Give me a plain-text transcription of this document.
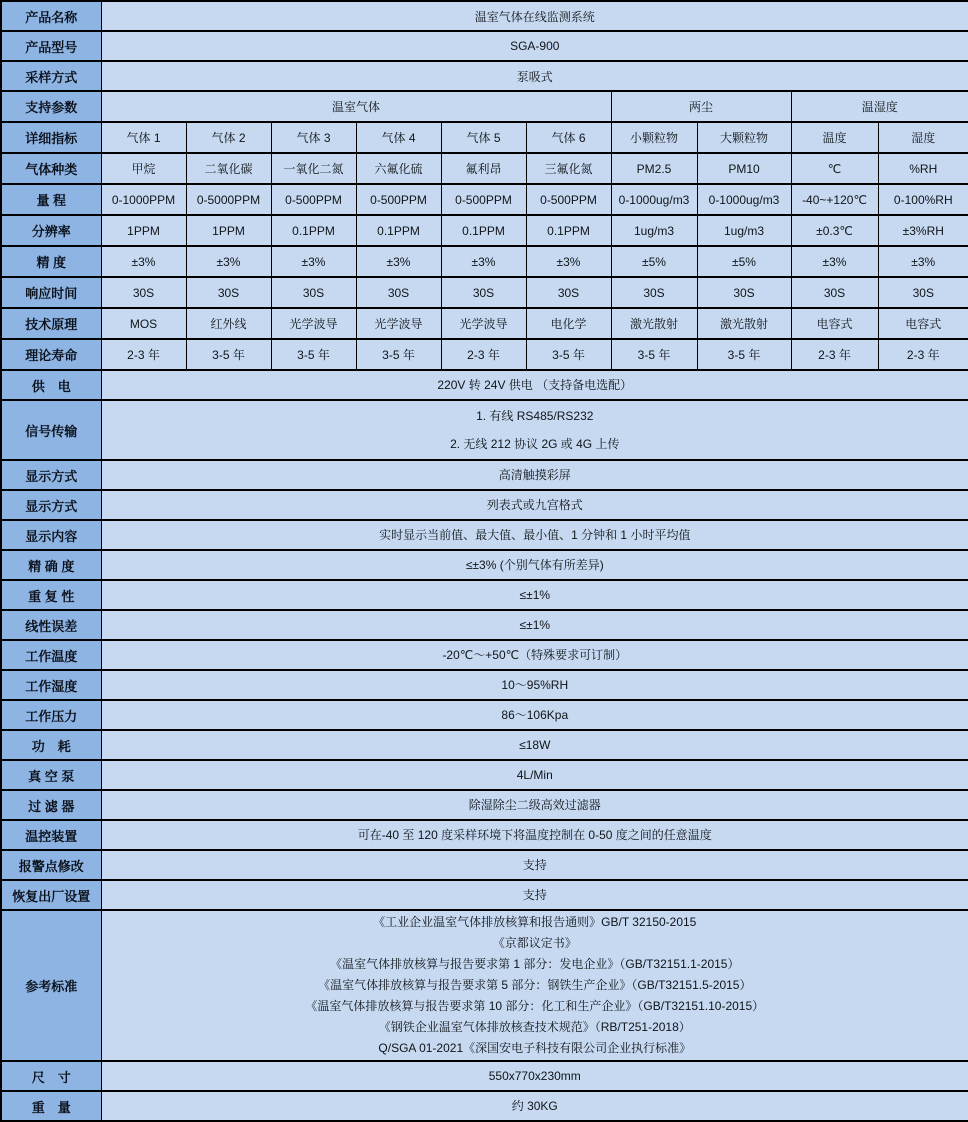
产品名称	温室气体在线监测系统									
产品型号	SGA-900									
采样方式	泵吸式									
支持参数	温室气体						两尘		温湿度	
详细指标	气体 1	气体 2	气体 3	气体 4	气体 5	气体 6	小颗粒物	大颗粒物	温度	湿度
气体种类	甲烷	二氧化碳	一氧化二氮	六氟化硫	氟利昂	三氟化氮	PM2.5	PM10	℃	%RH
量 程	0-1000PPM	0-5000PPM	0-500PPM	0-500PPM	0-500PPM	0-500PPM	0-1000ug/m3	0-1000ug/m3	-40~+120℃	0-100%RH
分辨率	1PPM	1PPM	0.1PPM	0.1PPM	0.1PPM	0.1PPM	1ug/m3	1ug/m3	±0.3℃	±3%RH
精 度	±3%	±3%	±3%	±3%	±3%	±3%	±5%	±5%	±3%	±3%
响应时间	30S	30S	30S	30S	30S	30S	30S	30S	30S	30S
技术原理	MOS	红外线	光学波导	光学波导	光学波导	电化学	激光散射	激光散射	电容式	电容式
理论寿命	2-3 年	3-5 年	3-5 年	3-5 年	2-3 年	3-5 年	3-5 年	3-5 年	2-3 年	2-3 年
供　电	220V 转 24V 供电 （支持备电选配）									

信号传输	1. 有线 RS485/RS232
2. 无线 212 协议 2G 或 4G 上传									

显示方式	高清触摸彩屏									

显示方式	列表式或九宫格式									

显示内容	实时显示当前值、最大值、最小值、1 分钟和 1 小时平均值									

精 确 度	≤±3% (个别气体有所差异)									

重 复 性	≤±1%									

线性误差	≤±1%									

工作温度	-20℃～+50℃（特殊要求可订制）									

工作湿度	10～95%RH									

工作压力	86～106Kpa									

功　耗	≤18W									

真 空 泵	4L/Min									

过 滤 器	除湿除尘二级高效过滤器									

温控装置	可在-40 至 120 度采样环境下将温度控制在 0-50 度之间的任意温度									

报警点修改	支持									

恢复出厂设置	支持									

参考标准	
《工业企业温室气体排放核算和报告通则》GB/T 32150-2015
《京都议定书》
《温室气体排放核算与报告要求第 1 部分：发电企业》（GB/T32151.1-2015）
《温室气体排放核算与报告要求第 5 部分：钢铁生产企业》（GB/T32151.5-2015）
《温室气体排放核算与报告要求第 10 部分：化工和生产企业》（GB/T32151.10-2015）
《钢铁企业温室气体排放核查技术规范》（RB/T251-2018）
Q/SGA 01-2021《深国安电子科技有限公司企业执行标准》

尺　寸	550x770x230mm									

重　量	约 30KG									
